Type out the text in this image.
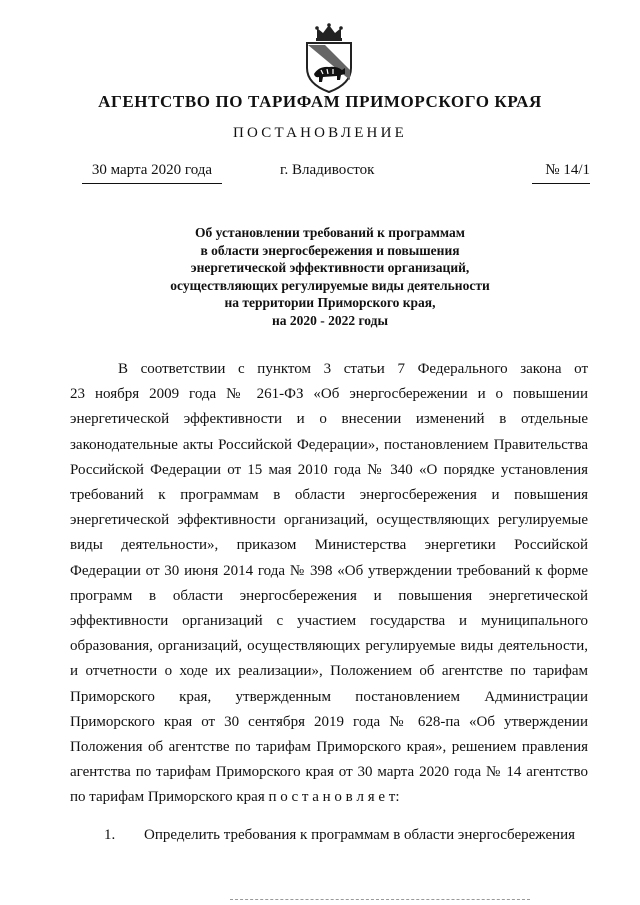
АГЕНТСТВО ПО ТАРИФАМ ПРИМОРСКОГО КРАЯ
ПОСТАНОВЛЕНИЕ
30 марта 2020 года	г. Владивосток	№ 14/1
Об установлении требований к программам
в области энергосбережения и повышения
энергетической эффективности организаций,
осуществляющих регулируемые виды деятельности
на территории Приморского края,
на 2020 - 2022 годы
В соответствии с пунктом 3 статьи 7 Федерального закона от
23 ноября 2009 года № 261-ФЗ «Об энергосбережении и о повышении
энергетической эффективности и о внесении изменений в отдельные
законодательные акты Российской Федерации», постановлением Правительства
Российской Федерации от 15 мая 2010 года № 340 «О порядке установления
требований к программам в области энергосбережения и повышения
энергетической эффективности организаций, осуществляющих регулируемые
виды деятельности», приказом Министерства энергетики Российской
Федерации от 30 июня 2014 года № 398 «Об утверждении требований к форме
программ в области энергосбережения и повышения энергетической
эффективности организаций с участием государства и муниципального
образования, организаций, осуществляющих регулируемые виды деятельности,
и отчетности о ходе их реализации», Положением об агентстве по тарифам
Приморского края, утвержденным постановлением Администрации
Приморского края от 30 сентября 2019 года № 628-па «Об утверждении
Положения об агентстве по тарифам Приморского края», решением правления
агентства по тарифам Приморского края от 30 марта 2020 года № 14 агентство
по тарифам Приморского края п о с т а н о в л я е т:
1. Определить требования к программам в области энергосбережения
